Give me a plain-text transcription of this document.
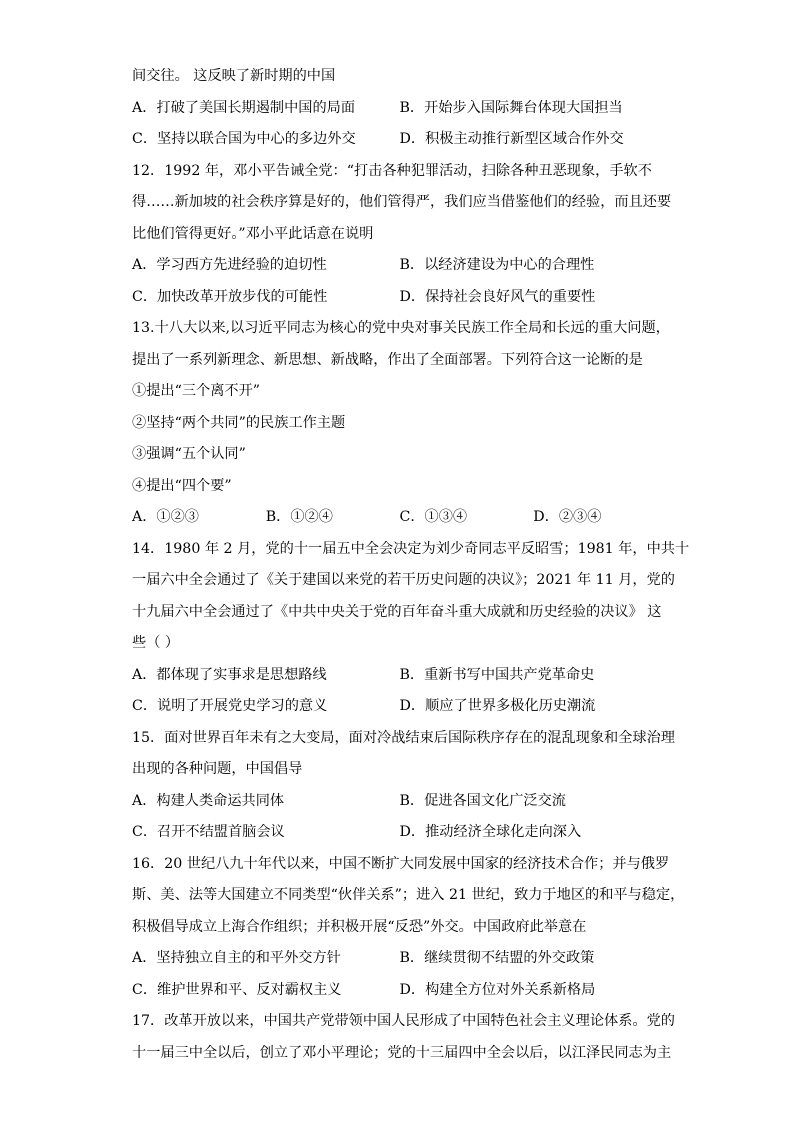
间交往。 这反映了新时期的中国
A．打破了美国长期遏制中国的局面	B．开始步入国际舞台体现大国担当
C．坚持以联合国为中心的多边外交	D．积极主动推行新型区域合作外交
12．1992 年，邓小平告诫全党：“打击各种犯罪活动，扫除各种丑恶现象，手软不
得……新加坡的社会秩序算是好的，他们管得严，我们应当借鉴他们的经验，而且还要
比他们管得更好。”邓小平此话意在说明
A．学习西方先进经验的迫切性	B．以经济建设为中心的合理性
C．加快改革开放步伐的可能性	D．保持社会良好风气的重要性
13.十八大以来,以习近平同志为核心的党中央对事关民族工作全局和长远的重大问题，
提出了一系列新理念、新思想、新战略，作出了全面部署。下列符合这一论断的是
①提出“三个离不开”
②坚持“两个共同”的民族工作主题
③强调“五个认同”
④提出“四个要”
A．①②③	B．①②④	C．①③④	D．②③④
14．1980 年 2 月，党的十一届五中全会决定为刘少奇同志平反昭雪；1981 年，中共十
一届六中全会通过了《关于建国以来党的若干历史问题的决议》；2021 年 11 月，党的
十九届六中全会通过了《中共中央关于党的百年奋斗重大成就和历史经验的决议》 这
些（ ）
A．都体现了实事求是思想路线	B．重新书写中国共产党革命史
C．说明了开展党史学习的意义	D．顺应了世界多极化历史潮流
15．面对世界百年未有之大变局，面对冷战结束后国际秩序存在的混乱现象和全球治理
出现的各种问题，中国倡导
A．构建人类命运共同体	B．促进各国文化广泛交流
C．召开不结盟首脑会议	D．推动经济全球化走向深入
16．20 世纪八九十年代以来，中国不断扩大同发展中国家的经济技术合作；并与俄罗
斯、美、法等大国建立不同类型“伙伴关系”；进入 21 世纪，致力于地区的和平与稳定，
积极倡导成立上海合作组织；并积极开展“反恐”外交。中国政府此举意在
A．坚持独立自主的和平外交方针	B．继续贯彻不结盟的外交政策
C．维护世界和平、反对霸权主义	D．构建全方位对外关系新格局
17．改革开放以来，中国共产党带领中国人民形成了中国特色社会主义理论体系。党的
十一届三中全以后，创立了邓小平理论；党的十三届四中全会以后，以江泽民同志为主
